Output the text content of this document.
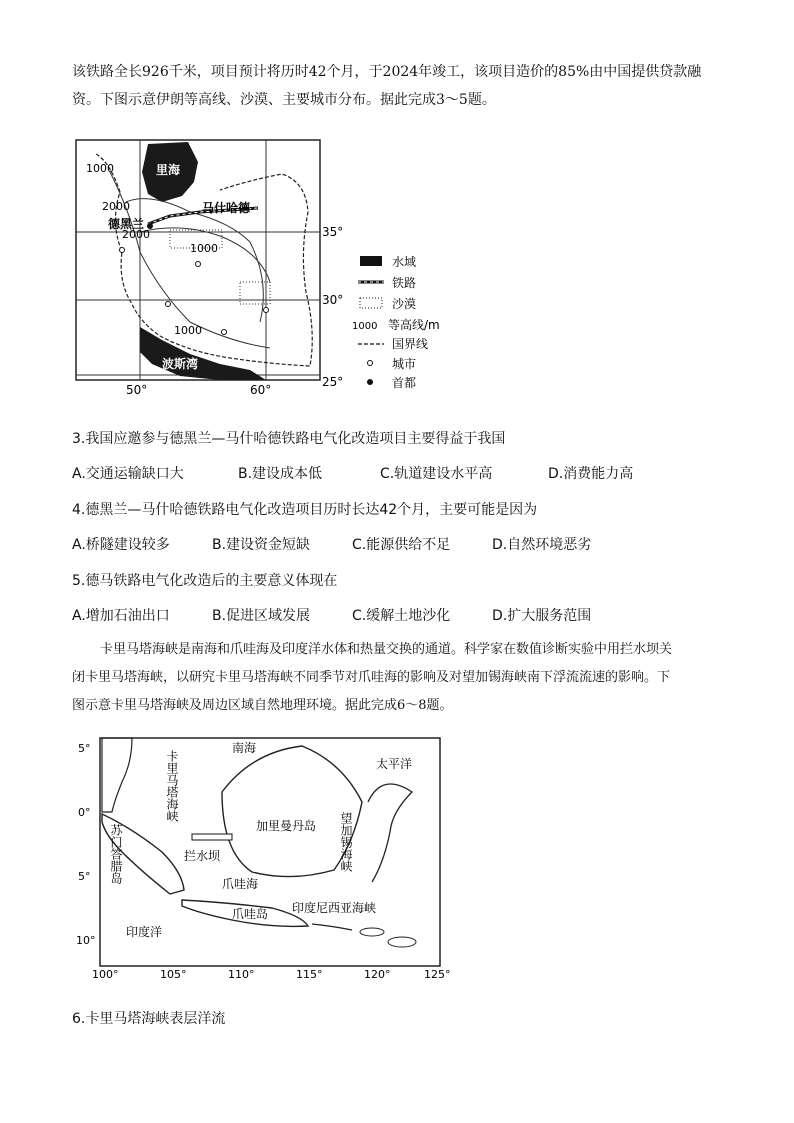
该铁路全长926千米，项目预计将历时42个月，于2024年竣工，该项目造价的85%由中国提供贷款融
资。下图示意伊朗等高线、沙漠、主要城市分布。据此完成3～5题。
里海
马什哈德
德黑兰
波斯湾
1000
2000
2000
1000
1000
35°
30°
25°
50°	60°
水域
铁路
沙漠
1000 等高线/m
国界线
城市
首都
3.我国应邀参与德黑兰—马什哈德铁路电气化改造项目主要得益于我国
A.交通运输缺口大	B.建设成本低	C.轨道建设水平高	D.消费能力高
4.德黑兰—马什哈德铁路电气化改造项目历时长达42个月，主要可能是因为
A.桥隧建设较多	B.建设资金短缺	C.能源供给不足	D.自然环境恶劣
5.德马铁路电气化改造后的主要意义体现在
A.增加石油出口	B.促进区域发展	C.缓解土地沙化	D.扩大服务范围
卡里马塔海峡是南海和爪哇海及印度洋水体和热量交换的通道。科学家在数值诊断实验中用拦水坝关
闭卡里马塔海峡，以研究卡里马塔海峡不同季节对爪哇海的影响及对望加锡海峡南下浮流流速的影响。下
图示意卡里马塔海峡及周边区域自然地理环境。据此完成6～8题。
南海
太平洋
卡里马塔海峡
苏门答腊岛	加里曼丹岛 望加锡海峡
拦水坝
爪哇海
爪哇岛 印度尼西亚海峡
印度洋
5°
0°
5°
10°
100°	105°	110°	115°	120°	125°
6.卡里马塔海峡表层洋流
